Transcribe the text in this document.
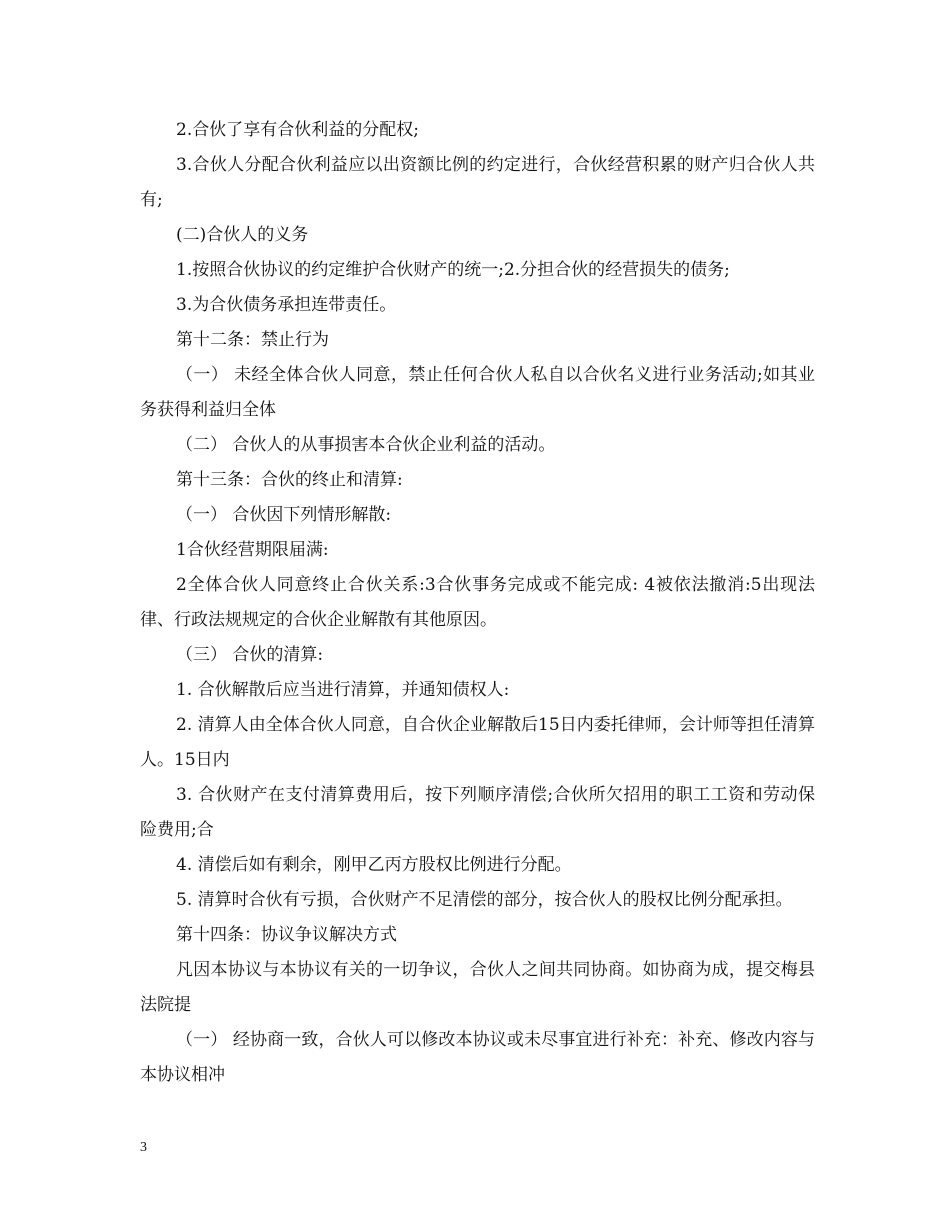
2.合伙了享有合伙利益的分配权;

3.合伙人分配合伙利益应以出资额比例的约定进行，合伙经营积累的财产归合伙人共有;

(二)合伙人的义务

1.按照合伙协议的约定维护合伙财产的统一;2.分担合伙的经营损失的债务;

3.为合伙债务承担连带责任。

第十二条：禁止行为

（一） 未经全体合伙人同意，禁止任何合伙人私自以合伙名义进行业务活动;如其业务获得利益归全体

（二） 合伙人的从事损害本合伙企业利益的活动。

第十三条：合伙的终止和清算:

（一） 合伙因下列情形解散:

1合伙经营期限届满:

2全体合伙人同意终止合伙关系:3合伙事务完成或不能完成: 4被依法撤消:5出现法律、行政法规规定的合伙企业解散有其他原因。

（三） 合伙的清算:

1. 合伙解散后应当进行清算，并通知债权人:

2. 清算人由全体合伙人同意，自合伙企业解散后15日内委托律师，会计师等担任清算人。15日内

3. 合伙财产在支付清算费用后，按下列顺序清偿;合伙所欠招用的职工工资和劳动保险费用;合

4. 清偿后如有剩余，刚甲乙丙方股权比例进行分配。

5. 清算时合伙有亏损，合伙财产不足清偿的部分，按合伙人的股权比例分配承担。

第十四条：协议争议解决方式

凡因本协议与本协议有关的一切争议，合伙人之间共同协商。如协商为成，提交梅县法院提

（一） 经协商一致，合伙人可以修改本协议或未尽事宜进行补充：补充、修改内容与本协议相冲

3
